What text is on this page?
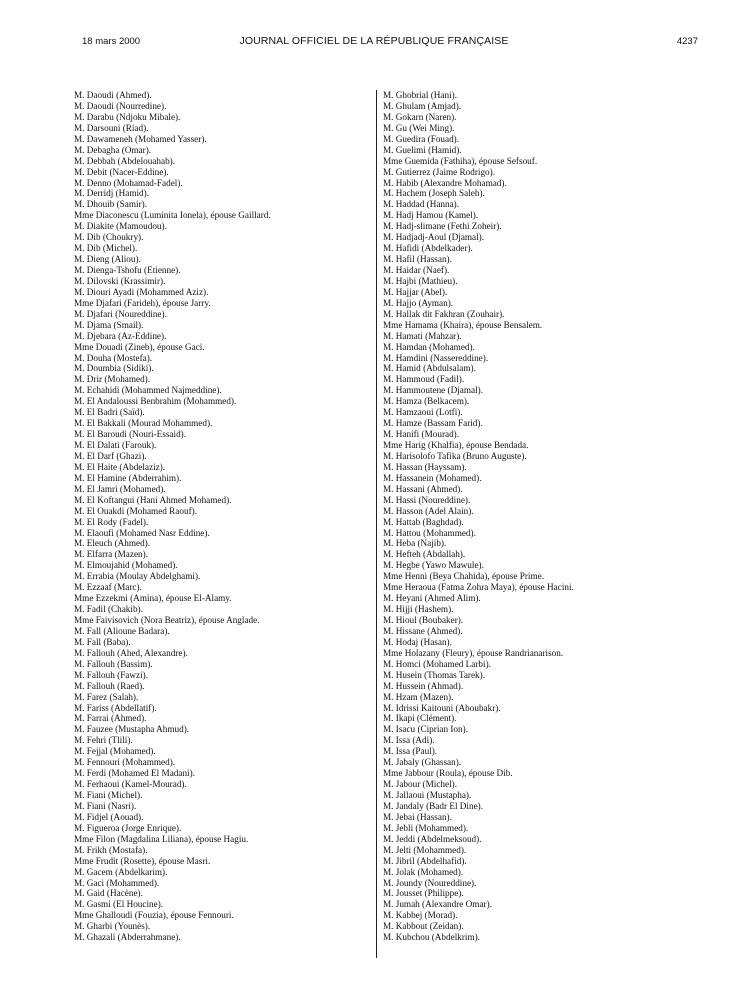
18 mars 2000	JOURNAL OFFICIEL DE LA RÉPUBLIQUE FRANÇAISE	4237
M. Daoudi (Ahmed).
M. Daoudi (Nourredine).
M. Darabu (Ndjoku Mibale).
M. Darsouni (Riad).
M. Dawameneh (Mohamed Yasser).
M. Debagha (Omar).
M. Debbah (Abdelouahab).
M. Debit (Nacer-Eddine).
M. Denno (Mohamad-Fadel).
M. Derridj (Hamid).
M. Dhouib (Samir).
Mme Diaconescu (Luminita Ionela), épouse Gaillard.
M. Diakite (Mamoudou).
M. Dib (Choukry).
M. Dib (Michel).
M. Dieng (Aliou).
M. Dienga-Tshofu (Etienne).
M. Dilovski (Krassimir).
M. Diouri Ayadi (Mohammed Aziz).
Mme Djafari (Farideh), épouse Jarry.
M. Djafari (Noureddine).
M. Djama (Smail).
M. Djebara (Az-Eddine).
Mme Douadi (Zineb), épouse Gaci.
M. Douha (Mostefa).
M. Doumbia (Sidiki).
M. Drir (Mohamed).
M. Echahidi (Mohammed Najmeddine).
M. El Andaloussi Benbrahim (Mohammed).
M. El Badri (Saïd).
M. El Bakkali (Mourad Mohammed).
M. El Baroudi (Nouri-Essaid).
M. El Dalati (Farouk).
M. El Darf (Ghazi).
M. El Haite (Abdelaziz).
M. El Hamine (Abderrahim).
M. El Jamri (Mohamed).
M. El Koftangui (Hani Ahmed Mohamed).
M. El Ouakdi (Mohamed Raouf).
M. El Rody (Fadel).
M. Elaoufi (Mohamed Nasr Eddine).
M. Eleuch (Ahmed).
M. Elfarra (Mazen).
M. Elmoujahid (Mohamed).
M. Errabia (Moulay Abdelghami).
M. Ezzaaf (Marc).
Mme Ezzekmi (Amina), épouse El-Alamy.
M. Fadil (Chakib).
Mme Faivisovich (Nora Beatriz), épouse Anglade.
M. Fall (Alioune Badara).
M. Fall (Baba).
M. Fallouh (Ahed, Alexandre).
M. Fallouh (Bassim).
M. Fallouh (Fawzi).
M. Fallouh (Raed).
M. Farez (Salah).
M. Fariss (Abdellatif).
M. Farrai (Ahmed).
M. Fauzee (Mustapha Ahmud).
M. Fehri (Tlili).
M. Fejjal (Mohamed).
M. Fennouri (Mohammed).
M. Ferdi (Mohamed El Madani).
M. Ferhaoui (Kamel-Mourad).
M. Fiani (Michel).
M. Fiani (Nasri).
M. Fidjel (Aouad).
M. Figueroa (Jorge Enrique).
Mme Filon (Magdalina Liliana), épouse Hagiu.
M. Frikh (Mostafa).
Mme Frudit (Rosette), épouse Masri.
M. Gacem (Abdelkarim).
M. Gaci (Mohammed).
M. Gaid (Hacène).
M. Gasmi (El Houcine).
Mme Ghalloudi (Fouzia), épouse Fennouri.
M. Gharbi (Younès).
M. Ghazali (Abderrahmane).
M. Ghobrial (Hani).
M. Ghulam (Amjad).
M. Gokarn (Naren).
M. Gu (Wei Ming).
M. Guedira (Fouad).
M. Guelimi (Hamid).
Mme Guemida (Fathiha), épouse Sefsouf.
M. Gutierrez (Jaime Rodrigo).
M. Habib (Alexandre Mohamad).
M. Hachem (Joseph Saleh).
M. Haddad (Hanna).
M. Hadj Hamou (Kamel).
M. Hadj-slimane (Fethi Zoheir).
M. Hadjadj-Aoul (Djamal).
M. Hafidi (Abdelkader).
M. Hafil (Hassan).
M. Haidar (Naef).
M. Hajbi (Mathieu).
M. Hajjar (Abel).
M. Hajjo (Ayman).
M. Hallak dit Fakhran (Zouhair).
Mme Hamama (Khaira), épouse Bensalem.
M. Hamati (Mahzar).
M. Hamdan (Mohamed).
M. Hamdini (Nassereddine).
M. Hamid (Abdulsalam).
M. Hammoud (Fadil).
M. Hammoutene (Djamal).
M. Hamza (Belkacem).
M. Hamzaoui (Lotfi).
M. Hamze (Bassam Farid).
M. Hanifi (Mourad).
Mme Harig (Khalfia), épouse Bendada.
M. Harisolofo Tafika (Bruno Auguste).
M. Hassan (Hayssam).
M. Hassanein (Mohamed).
M. Hassani (Ahmed).
M. Hassi (Noureddine).
M. Hasson (Adel Alain).
M. Hattab (Baghdad).
M. Hattou (Mohammed).
M. Heba (Najib).
M. Hefteh (Abdallah).
M. Hegbe (Yawo Mawule).
Mme Henni (Beya Chahida), épouse Prime.
Mme Heraoua (Fatma Zohra Maya), épouse Hacini.
M. Heyani (Ahmed Alim).
M. Hijji (Hashem).
M. Hioul (Boubaker).
M. Hissane (Ahmed).
M. Hodaj (Hasan).
Mme Holazany (Fleury), épouse Randrianarison.
M. Homci (Mohamed Larbi).
M. Husein (Thomas Tarek).
M. Hussein (Ahmad).
M. Hzam (Mazen).
M. Idrissi Kaitouni (Aboubakr).
M. Ikapi (Clément).
M. Isacu (Ciprian Ion).
M. Issa (Adi).
M. Issa (Paul).
M. Jabaly (Ghassan).
Mme Jabbour (Roula), épouse Dib.
M. Jabour (Michel).
M. Jallaoui (Mustapha).
M. Jandaly (Badr El Dine).
M. Jebai (Hassan).
M. Jebli (Mohammed).
M. Jeddi (Abdelmeksoud).
M. Jelti (Mohammed).
M. Jibril (Abdelhafid).
M. Jolak (Mohamed).
M. Joundy (Noureddine).
M. Jousset (Philippe).
M. Jumah (Alexandre Omar).
M. Kabbej (Morad).
M. Kabbout (Zeidan).
M. Kubchou (Abdelkrim).
